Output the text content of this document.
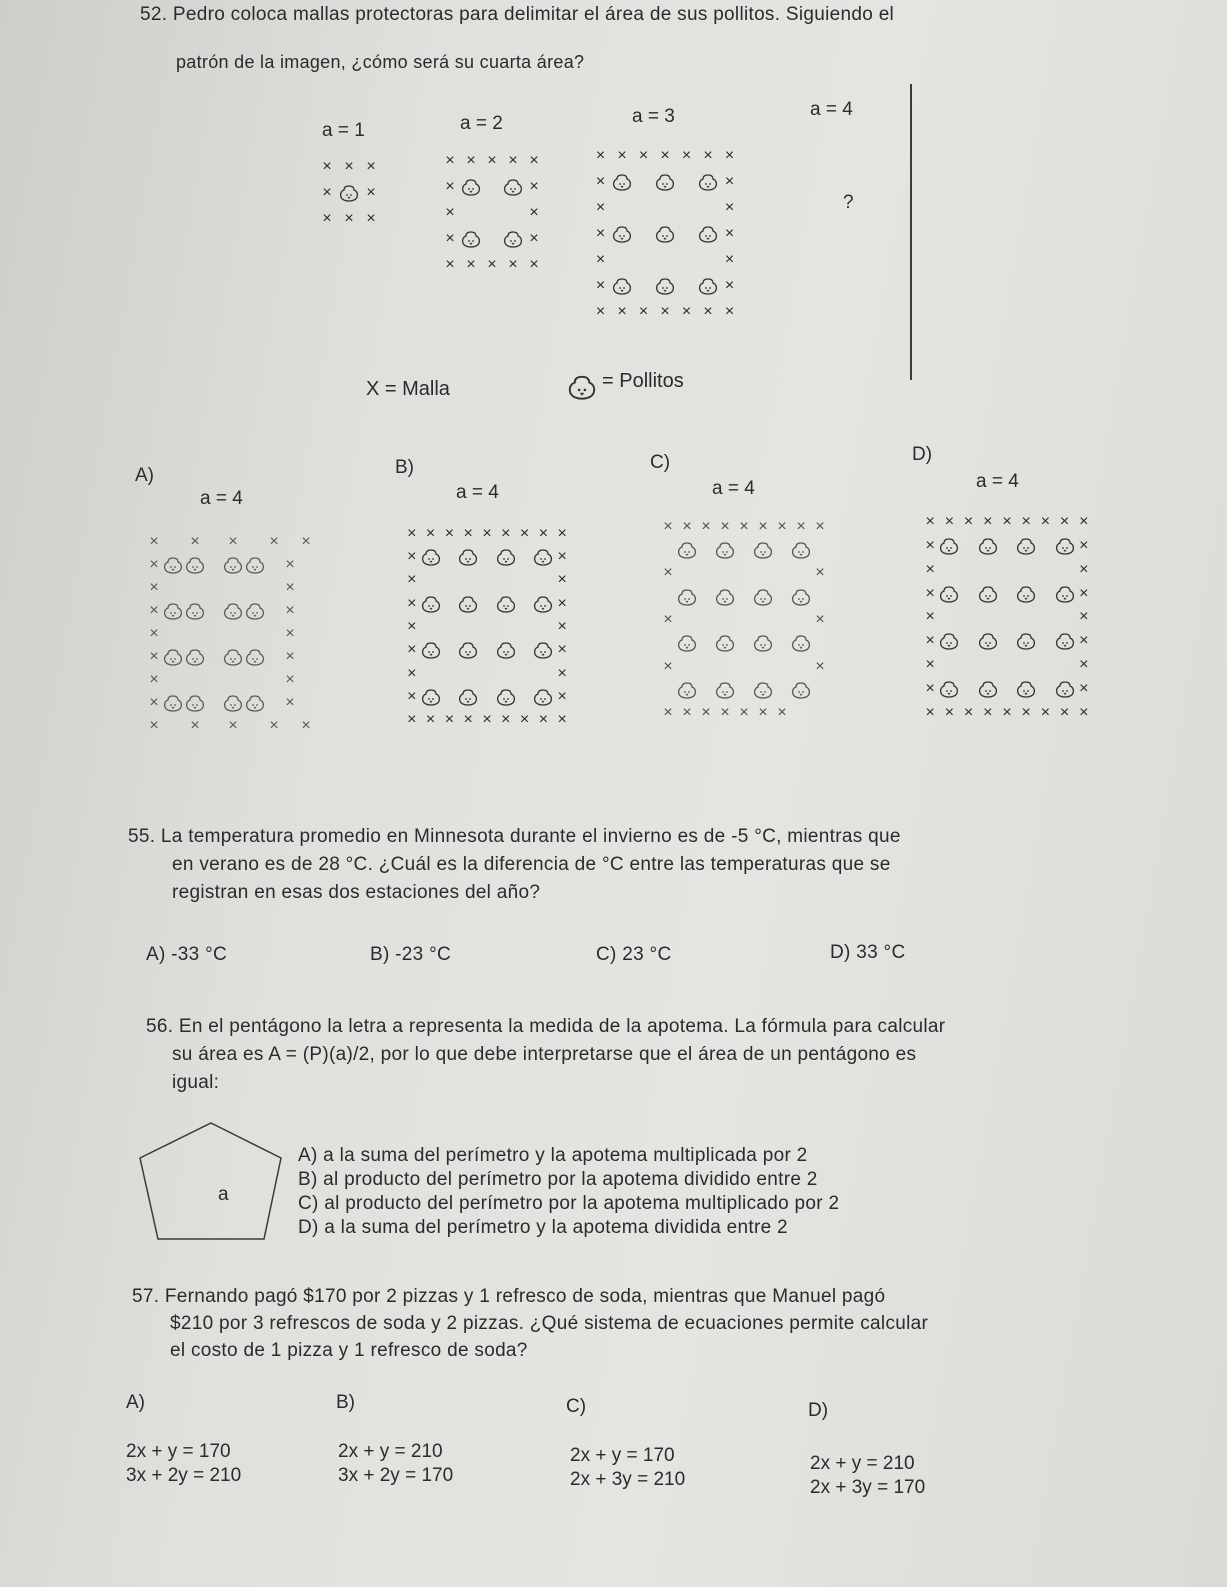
52. Pedro coloca mallas protectoras para delimitar el área de sus pollitos. Siguiendo el
patrón de la imagen, ¿cómo será su cuarta área?
a = 1	a = 2	a = 3	a = 4
?
× × ×
×	×
× × ×
× × × × ×
×	×
×	×
×	×
× × × × ×
× × × × × × ×
×	×
×	×
×	×
×	×
×	×
× × × × × × ×
X = Malla	= Pollitos
A)
a = 4
B)
a = 4
C)
a = 4
D)
a = 4
×	×	×	× ×
×	×
×	×
×	×
×	×
×	×
×	×
×	×
×	×	×	× ×
× × × × × × × × ×
×	×
×	×
×	×
×	×
×	×
×	×
×	×
× × × × × × × × ×
× × × × × × × × ×
×	×
×	×
×	×
× × × × × × ×
× × × × × × × × ×
×	×
×	×
×	×
×	×
×	×
×	×
×	×
× × × × × × × × ×
55. La temperatura promedio en Minnesota durante el invierno es de -5 °C, mientras que
en verano es de 28 °C. ¿Cuál es la diferencia de °C entre las temperaturas que se
registran en esas dos estaciones del año?
A) -33 °C	B) -23 °C	C) 23 °C	D) 33 °C
56. En el pentágono la letra a representa la medida de la apotema. La fórmula para calcular
su área es A = (P)(a)/2, por lo que debe interpretarse que el área de un pentágono es
igual:
a
A) a la suma del perímetro y la apotema multiplicada por 2
B) al producto del perímetro por la apotema dividido entre 2
C) al producto del perímetro por la apotema multiplicado por 2
D) a la suma del perímetro y la apotema dividida entre 2
57. Fernando pagó $170 por 2 pizzas y 1 refresco de soda, mientras que Manuel pagó
$210 por 3 refrescos de soda y 2 pizzas. ¿Qué sistema de ecuaciones permite calcular
el costo de 1 pizza y 1 refresco de soda?
A)
2x + y = 170
3x + 2y = 210
B)
2x + y = 210
3x + 2y = 170
C)
2x + y = 170
2x + 3y = 210
D)
2x + y = 210
2x + 3y = 170
